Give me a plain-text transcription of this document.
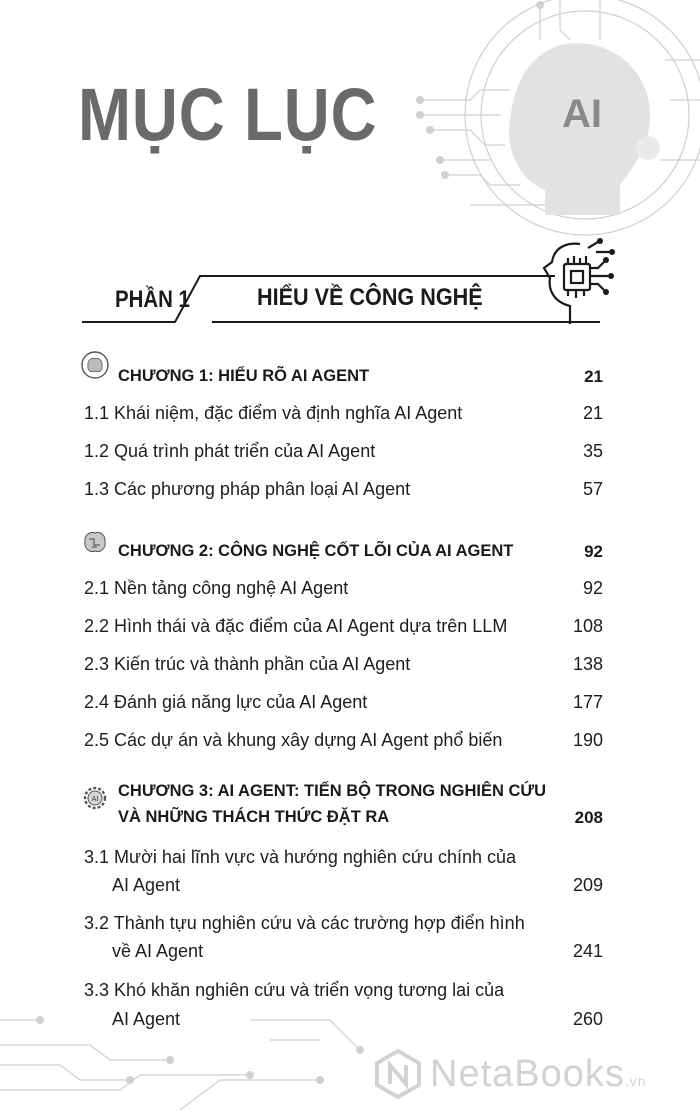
MỤC LỤC	AI
PHẦN 1	HIỂU VỀ CÔNG NGHỆ
CHƯƠNG 1: HIỂU RÕ AI AGENT	21
1.1 Khái niệm, đặc điểm và định nghĩa AI Agent	21
1.2 Quá trình phát triển của AI Agent	35
1.3 Các phương pháp phân loại AI Agent	57
CHƯƠNG 2: CÔNG NGHỆ CỐT LÕI CỦA AI AGENT	92
2.1 Nền tảng công nghệ AI Agent	92
2.2 Hình thái và đặc điểm của AI Agent dựa trên LLM	108
2.3 Kiến trúc và thành phần của AI Agent	138
2.4 Đánh giá năng lực của AI Agent	177
2.5 Các dự án và khung xây dựng AI Agent phổ biến	190
AI CHƯƠNG 3: AI AGENT: TIẾN BỘ TRONG NGHIÊN CỨU
VÀ NHỮNG THÁCH THỨC ĐẶT RA	208
3.1 Mười hai lĩnh vực và hướng nghiên cứu chính của
AI Agent	209
3.2 Thành tựu nghiên cứu và các trường hợp điển hình
về AI Agent	241
3.3 Khó khăn nghiên cứu và triển vọng tương lai của
AI Agent	260
NetaBooks.vn
